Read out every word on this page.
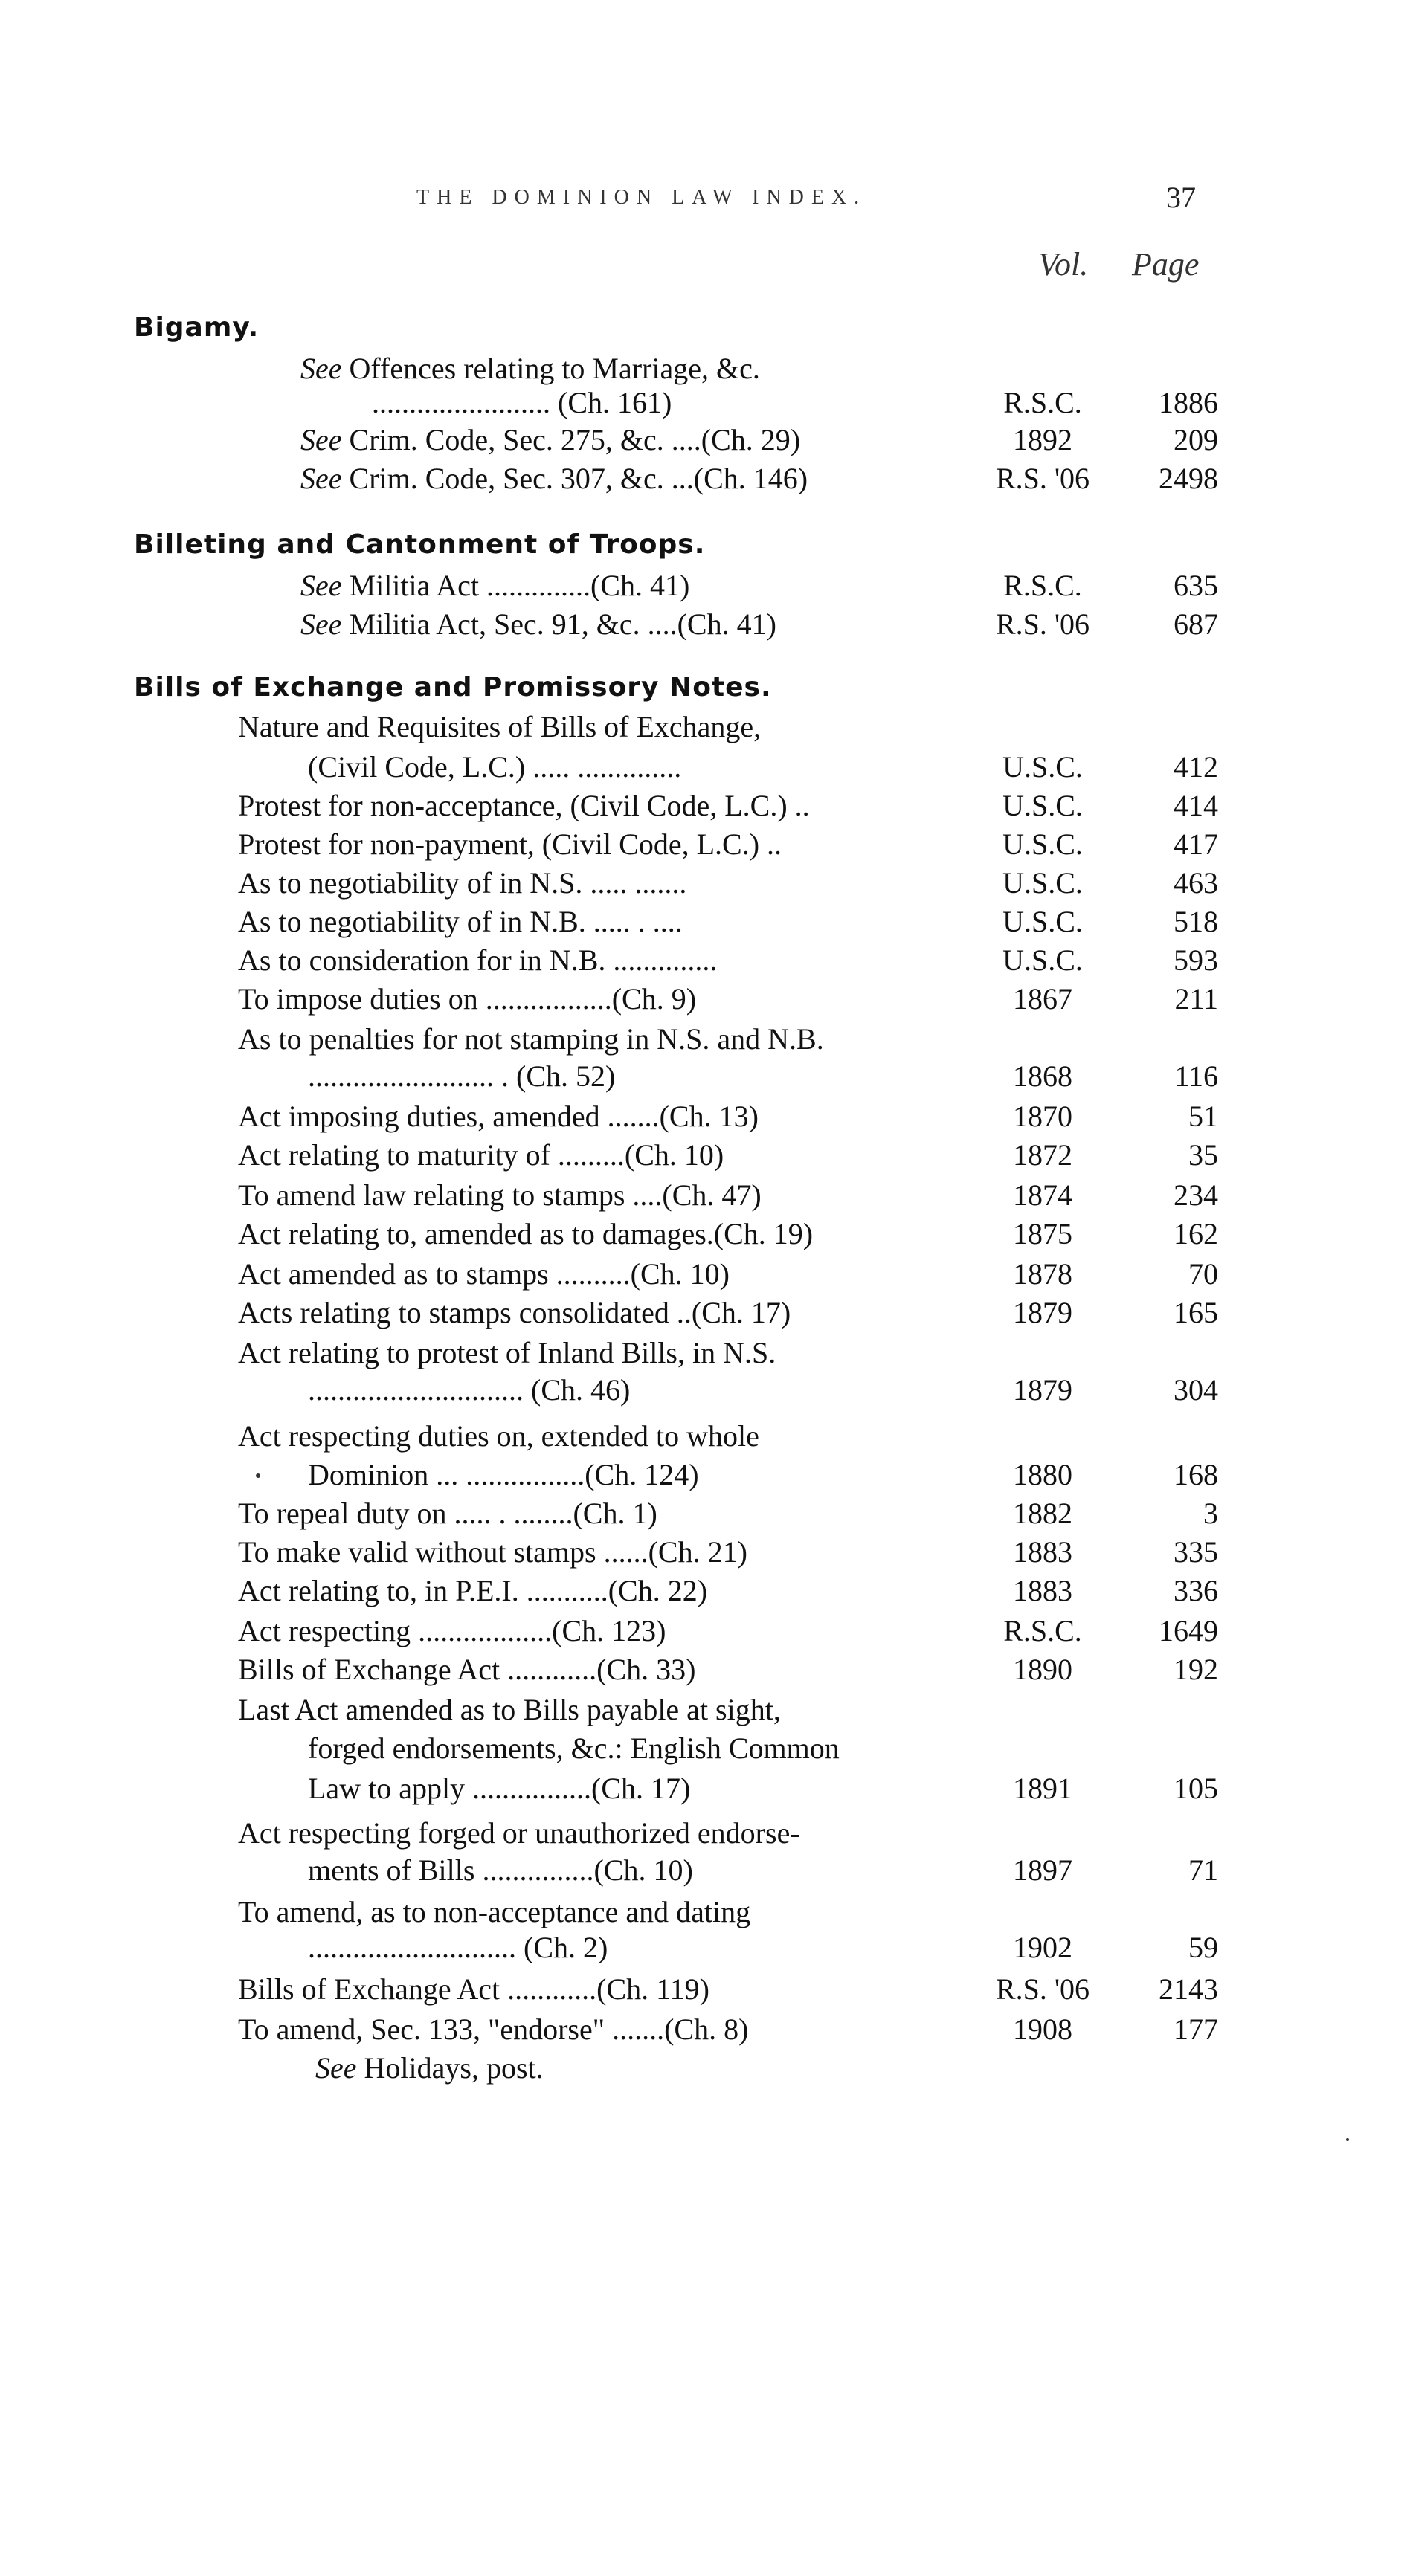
THE DOMINION LAW INDEX.	37
Vol. Page
Bigamy.
See Offences relating to Marriage, &c.
........................ (Ch. 161)	R.S.C.	1886
See Crim. Code, Sec. 275, &c. ....(Ch. 29)	1892	209
See Crim. Code, Sec. 307, &c. ...(Ch. 146)	R.S. '06	2498
Billeting and Cantonment of Troops.
See Militia Act ..............(Ch. 41)	R.S.C.	635
See Militia Act, Sec. 91, &c. ....(Ch. 41)	R.S. '06	687
Bills of Exchange and Promissory Notes.
Nature and Requisites of Bills of Exchange,
(Civil Code, L.C.) ..... ..............	U.S.C.	412
Protest for non-acceptance, (Civil Code, L.C.) ..	U.S.C.	414
Protest for non-payment, (Civil Code, L.C.) ..	U.S.C.	417
As to negotiability of in N.S. ..... .......	U.S.C.	463
As to negotiability of in N.B. ..... . ....	U.S.C.	518
As to consideration for in N.B. ..............	U.S.C.	593
To impose duties on .................(Ch. 9)	1867	211
As to penalties for not stamping in N.S. and N.B.
......................... . (Ch. 52)	1868	116
Act imposing duties, amended .......(Ch. 13)	1870	51
Act relating to maturity of .........(Ch. 10)	1872	35
To amend law relating to stamps ....(Ch. 47)	1874	234
Act relating to, amended as to damages.(Ch. 19)	1875	162
Act amended as to stamps ..........(Ch. 10)	1878	70
Acts relating to stamps consolidated ..(Ch. 17)	1879	165
Act relating to protest of Inland Bills, in N.S.
............................. (Ch. 46)	1879	304
Act respecting duties on, extended to whole
Dominion ... ................(Ch. 124)	1880	168
To repeal duty on ..... . ........(Ch. 1)	1882	3
To make valid without stamps ......(Ch. 21)	1883	335
Act relating to, in P.E.I. ...........(Ch. 22)	1883	336
Act respecting ..................(Ch. 123)	R.S.C.	1649
Bills of Exchange Act ............(Ch. 33)	1890	192
Last Act amended as to Bills payable at sight,
forged endorsements, &c.: English Common
Law to apply ................(Ch. 17)	1891	105
Act respecting forged or unauthorized endorse-
ments of Bills ...............(Ch. 10)	1897	71
To amend, as to non-acceptance and dating
............................ (Ch. 2)	1902	59
Bills of Exchange Act ............(Ch. 119)	R.S. '06	2143
To amend, Sec. 133, "endorse" .......(Ch. 8)	1908	177
See Holidays, post.
